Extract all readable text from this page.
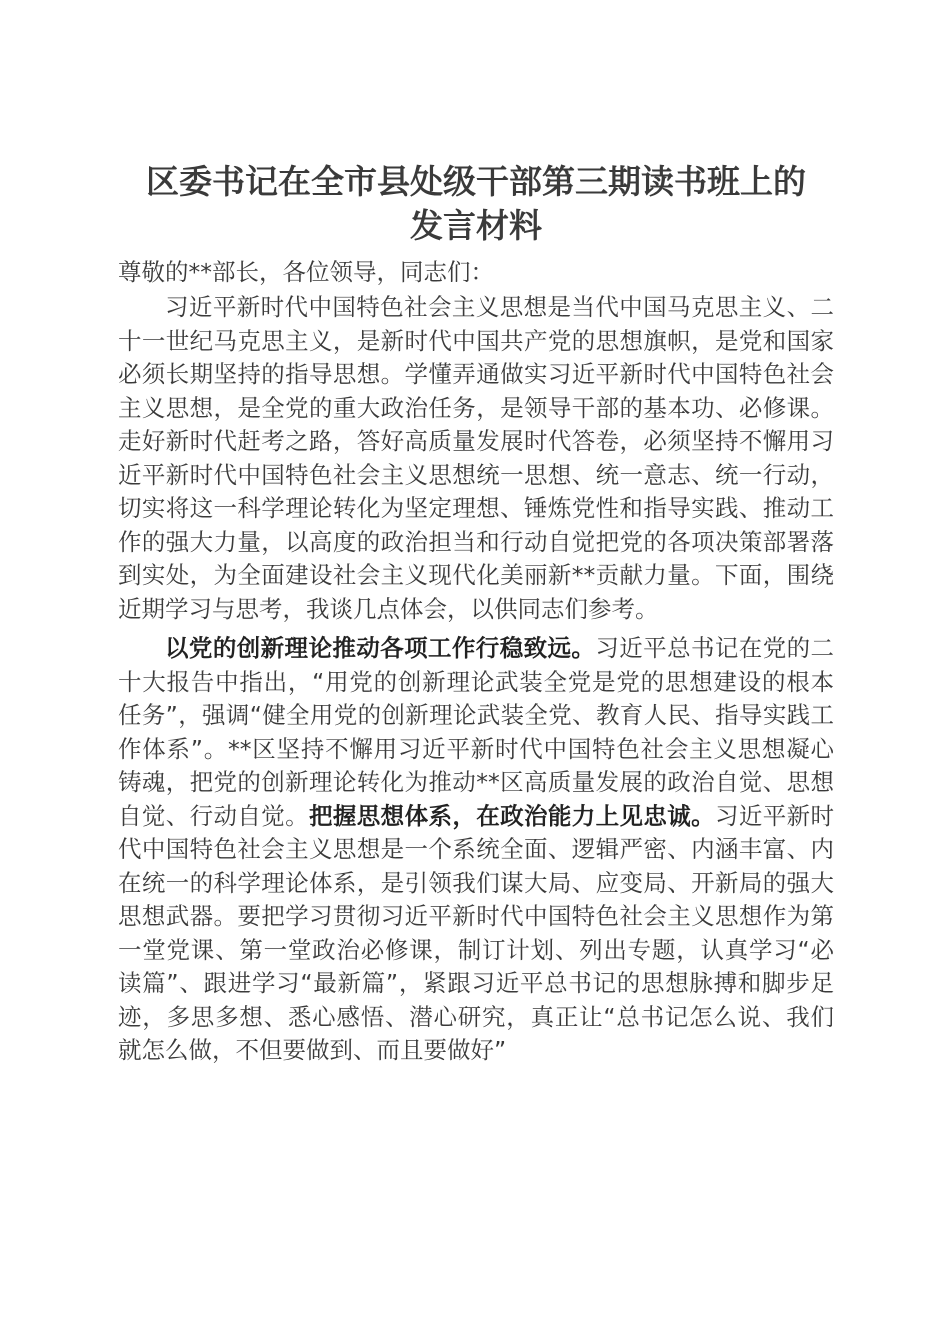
区委书记在全市县处级干部第三期读书班上的
发言材料

尊敬的**部长，各位领导，同志们：

习近平新时代中国特色社会主义思想是当代中国马克思主义、二十一世纪马克思主义，是新时代中国共产党的思想旗帜，是党和国家必须长期坚持的指导思想。学懂弄通做实习近平新时代中国特色社会主义思想，是全党的重大政治任务，是领导干部的基本功、必修课。走好新时代赶考之路，答好高质量发展时代答卷，必须坚持不懈用习近平新时代中国特色社会主义思想统一思想、统一意志、统一行动，切实将这一科学理论转化为坚定理想、锤炼党性和指导实践、推动工作的强大力量，以高度的政治担当和行动自觉把党的各项决策部署落到实处，为全面建设社会主义现代化美丽新**贡献力量。下面，围绕近期学习与思考，我谈几点体会，以供同志们参考。

以党的创新理论推动各项工作行稳致远。习近平总书记在党的二十大报告中指出，“用党的创新理论武装全党是党的思想建设的根本任务”，强调“健全用党的创新理论武装全党、教育人民、指导实践工作体系”。**区坚持不懈用习近平新时代中国特色社会主义思想凝心铸魂，把党的创新理论转化为推动**区高质量发展的政治自觉、思想自觉、行动自觉。把握思想体系，在政治能力上见忠诚。习近平新时代中国特色社会主义思想是一个系统全面、逻辑严密、内涵丰富、内在统一的科学理论体系，是引领我们谋大局、应变局、开新局的强大思想武器。要把学习贯彻习近平新时代中国特色社会主义思想作为第一堂党课、第一堂政治必修课，制订计划、列出专题，认真学习“必读篇”、跟进学习“最新篇”，紧跟习近平总书记的思想脉搏和脚步足迹，多思多想、悉心感悟、潜心研究，真正让“总书记怎么说、我们就怎么做，不但要做到、而且要做好”
